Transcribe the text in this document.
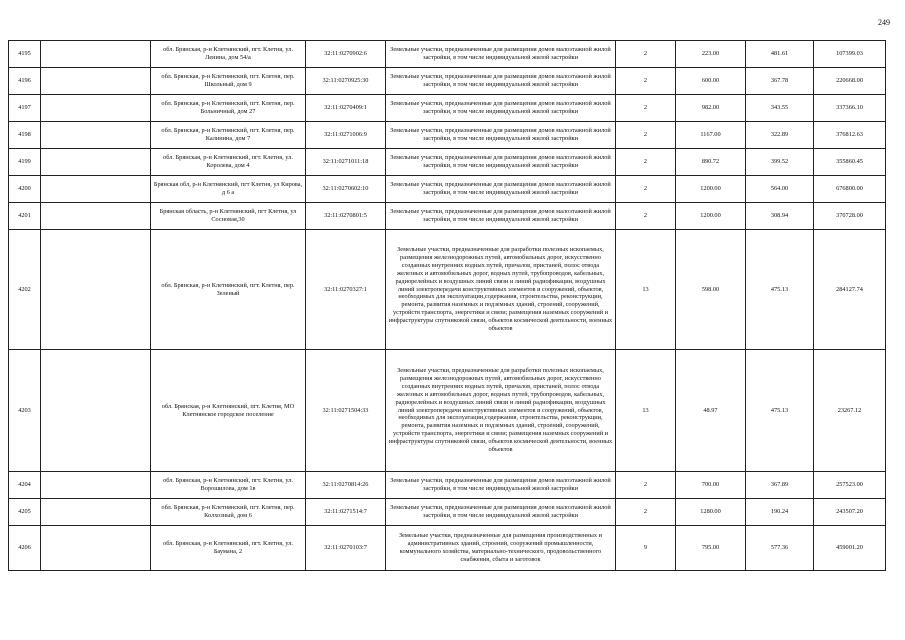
249
4195		обл. Брянская, р-н Клетнянский, пгт. Клетня, ул. Ленина, дом 54/а	32:11:0270902:6	Земельные участки, предназначенные для размещения домов малоэтажной жилой застройки, в том числе индивидуальной жилой застройки	2	223.00	481.61	107399.03
4196		обл. Брянская, р-н Клетнянский, пгт. Клетня, пер. Школьный, дом 9	32:11:0270925:30	Земельные участки, предназначенные для размещения домов малоэтажной жилой застройки, в том числе индивидуальной жилой застройки	2	600.00	367.78	220668.00
4197		обл. Брянская, р-н Клетнянский, пгт. Клетня, пер. Больничный, дом 27	32:11:0270409:1	Земельные участки, предназначенные для размещения домов малоэтажной жилой застройки, в том числе индивидуальной жилой застройки	2	982.00	343.55	337366.10
4198		обл. Брянская, р-н Клетнянский, пгт. Клетня, пер. Калинина, дом 7	32:11:0271006:9	Земельные участки, предназначенные для размещения домов малоэтажной жилой застройки, в том числе индивидуальной жилой застройки	2	1167.00	322.89	376812.63
4199		обл. Брянская, р-н Клетнянский, пгт. Клетня, ул. Королева, дом 4	32:11:0271011:18	Земельные участки, предназначенные для размещения домов малоэтажной жилой застройки, в том числе индивидуальной жилой застройки	2	890.72	399.52	355860.45
4200		Брянская обл, р-н Клетнянский, пгт Клетня, ул Кирова, д 6 а	32:11:0270602:10	Земельные участки, предназначенные для размещения домов малоэтажной жилой застройки, в том числе индивидуальной жилой застройки	2	1200.00	564.00	676800.00
4201		Брянская область, р-н Клетнянский, пгт Клетня, ул Сосновая,30	32:11:0270801:5	Земельные участки, предназначенные для размещения домов малоэтажной жилой застройки, в том числе индивидуальной жилой застройки	2	1200.00	308.94	370728.00
4202		обл. Брянская, р-н Клетнянский, пгт. Клетня, пер. Зеленый	32:11:0270327:1	Земельные участки, предназначенные для разработки полезных ископаемых, размещения железнодорожных путей, автомобильных дорог, искусственно созданных внутренних водных путей, причалов, пристаней, полос отвода железных и автомобильных дорог, водных путей, трубопроводов, кабельных, радиорелейных и воздушных линий связи и линий радиофикации, воздушных линий электропередачи конструктивных элементов и сооружений, объектов, необходимых для эксплуатации,содержания, строительства, реконструкции, ремонта, развития наземных и подземных зданий, строений, сооружений, устройств транспорта, энергетики и связи; размещения наземных сооружений и инфраструктуры спутниковой связи, объектов космической деятельности, военных объектов	13	598.00	475.13	284127.74
4203		обл. Брянская, р-н Клетнянский, пгт. Клетня, МО Клетнянское городское поселение	32:11:0271504:33	Земельные участки, предназначенные для разработки полезных ископаемых, размещения железнодорожных путей, автомобильных дорог, искусственно созданных внутренних водных путей, причалов, пристаней, полос отвода железных и автомобильных дорог, водных путей, трубопроводов, кабельных, радиорелейных и воздушных линий связи и линий радиофикации, воздушных линий электропередачи конструктивных элементов и сооружений, объектов, необходимых для эксплуатации,содержания, строительства, реконструкции, ремонта, развития наземных и подземных зданий, строений, сооружений, устройств транспорта, энергетики и связи; размещения наземных сооружений и инфраструктуры спутниковой связи, объектов космической деятельности, военных объектов	13	48.97	475.13	23267.12
4204		обл. Брянская, р-н Клетнянский, пгт. Клетня, ул. Ворошилова, дом 1в	32:11:0270814:26	Земельные участки, предназначенные для размещения домов малоэтажной жилой застройки, в том числе индивидуальной жилой застройки	2	700.00	367.89	257523.00
4205		обл. Брянская, р-н Клетнянский, пгт. Клетня, пер. Колхозный, дом 6	32:11:0271514:7	Земельные участки, предназначенные для размещения домов малоэтажной жилой застройки, в том числе индивидуальной жилой застройки	2	1280.00	190.24	243507.20
4206		обл. Брянская, р-н Клетнянский, пгт. Клетня, ул. Баумана, 2	32:11:0270103:7	Земельные участки, предназначенные для размещения производственных и административных зданий, строений, сооружений промышленности, коммунального хозяйства, материально-технического, продовольственного снабжения, сбыта и заготовок	9	795.00	577.36	459001.20
